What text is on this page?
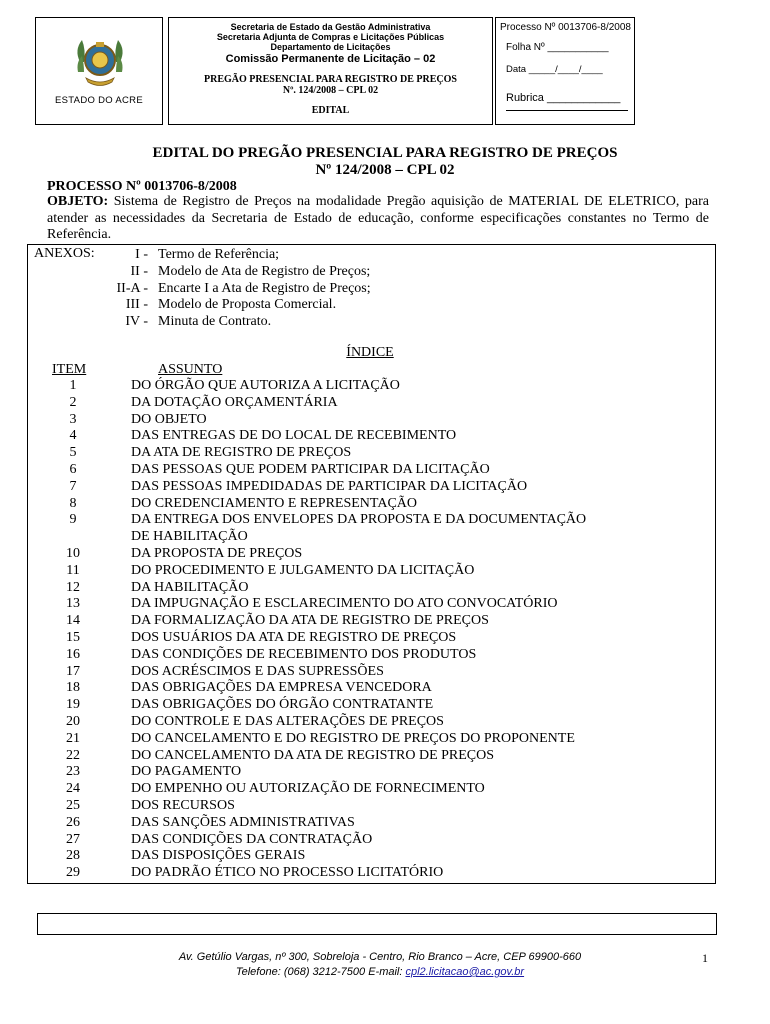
ESTADO DO ACRE
Secretaria de Estado da Gestão Administrativa
Secretaria Adjunta de Compras e Licitações Públicas
Departamento de Licitações
Comissão Permanente de Licitação – 02
PREGÃO PRESENCIAL PARA REGISTRO DE PREÇOS
Nº. 124/2008 – CPL 02
EDITAL
Processo Nº 0013706-8/2008
Folha Nº ___________
Data _____/____/____
Rubrica ____________
EDITAL DO PREGÃO PRESENCIAL PARA REGISTRO DE PREÇOS
Nº 124/2008 – CPL 02
PROCESSO Nº 0013706-8/2008
OBJETO: Sistema de Registro de Preços na modalidade Pregão aquisição de MATERIAL DE ELETRICO, para atender as necessidades da Secretaria de Estado de educação, conforme especificações constantes no Termo de Referência.
ANEXOS:	I - Termo de Referência;
II - Modelo de Ata de Registro de Preços;
II-A - Encarte I a Ata de Registro de Preços;
III - Modelo de Proposta Comercial.
IV - Minuta de Contrato.
ÍNDICE
ITEM	ASSUNTO
1	DO ÓRGÃO QUE AUTORIZA A LICITAÇÃO
2	DA DOTAÇÃO ORÇAMENTÁRIA
3	DO OBJETO
4	DAS ENTREGAS DE DO LOCAL DE RECEBIMENTO
5	DA ATA DE REGISTRO DE PREÇOS
6	DAS PESSOAS QUE PODEM PARTICIPAR DA LICITAÇÃO
7	DAS PESSOAS IMPEDIDADAS DE PARTICIPAR DA LICITAÇÃO
8	DO CREDENCIAMENTO E REPRESENTAÇÃO
9	DA ENTREGA DOS ENVELOPES DA PROPOSTA E DA DOCUMENTAÇÃO
DE HABILITAÇÃO
10	DA PROPOSTA DE PREÇOS
11	DO PROCEDIMENTO E JULGAMENTO DA LICITAÇÃO
12	DA HABILITAÇÃO
13	DA IMPUGNAÇÃO E ESCLARECIMENTO DO ATO CONVOCATÓRIO
14	DA FORMALIZAÇÃO DA ATA DE REGISTRO DE PREÇOS
15	DOS USUÁRIOS DA ATA DE REGISTRO DE PREÇOS
16	DAS CONDIÇÕES DE RECEBIMENTO DOS PRODUTOS
17	DOS ACRÉSCIMOS E DAS SUPRESSÕES
18	DAS OBRIGAÇÕES DA EMPRESA VENCEDORA
19	DAS OBRIGAÇÕES DO ÓRGÃO CONTRATANTE
20	DO CONTROLE E DAS ALTERAÇÕES DE PREÇOS
21	DO CANCELAMENTO E DO REGISTRO DE PREÇOS DO PROPONENTE
22	DO CANCELAMENTO DA ATA DE REGISTRO DE PREÇOS
23	DO PAGAMENTO
24	DO EMPENHO OU AUTORIZAÇÃO DE FORNECIMENTO
25	DOS RECURSOS
26	DAS SANÇÕES ADMINISTRATIVAS
27	DAS CONDIÇÕES DA CONTRATAÇÃO
28	DAS DISPOSIÇÕES GERAIS
29	DO PADRÃO ÉTICO NO PROCESSO LICITATÓRIO
Av. Getúlio Vargas, nº 300, Sobreloja - Centro, Rio Branco – Acre, CEP 69900-660
Telefone: (068) 3212-7500 E-mail: cpl2.licitacao@ac.gov.br
1
